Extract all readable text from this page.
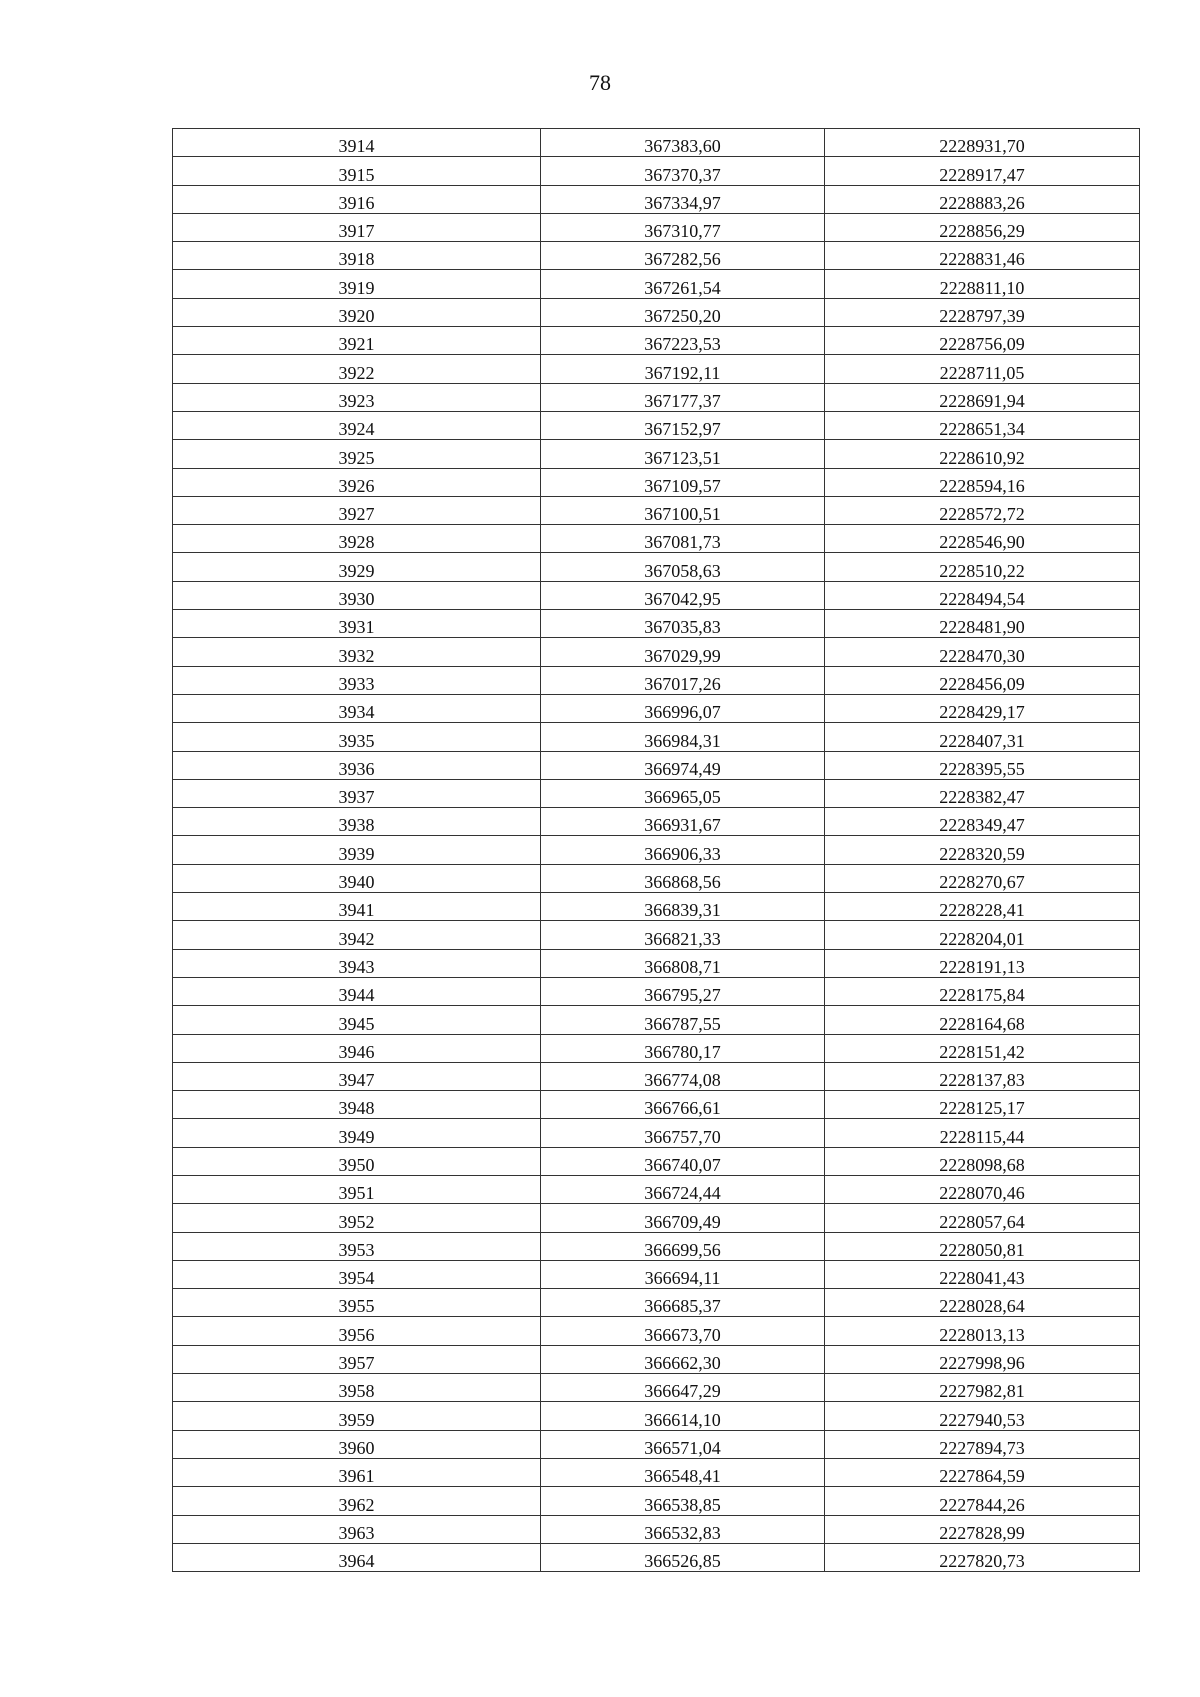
78
3914	367383,60	2228931,70
3915	367370,37	2228917,47
3916	367334,97	2228883,26
3917	367310,77	2228856,29
3918	367282,56	2228831,46
3919	367261,54	2228811,10
3920	367250,20	2228797,39
3921	367223,53	2228756,09
3922	367192,11	2228711,05
3923	367177,37	2228691,94
3924	367152,97	2228651,34
3925	367123,51	2228610,92
3926	367109,57	2228594,16
3927	367100,51	2228572,72
3928	367081,73	2228546,90
3929	367058,63	2228510,22
3930	367042,95	2228494,54
3931	367035,83	2228481,90
3932	367029,99	2228470,30
3933	367017,26	2228456,09
3934	366996,07	2228429,17
3935	366984,31	2228407,31
3936	366974,49	2228395,55
3937	366965,05	2228382,47
3938	366931,67	2228349,47
3939	366906,33	2228320,59
3940	366868,56	2228270,67
3941	366839,31	2228228,41
3942	366821,33	2228204,01
3943	366808,71	2228191,13
3944	366795,27	2228175,84
3945	366787,55	2228164,68
3946	366780,17	2228151,42
3947	366774,08	2228137,83
3948	366766,61	2228125,17
3949	366757,70	2228115,44
3950	366740,07	2228098,68
3951	366724,44	2228070,46
3952	366709,49	2228057,64
3953	366699,56	2228050,81
3954	366694,11	2228041,43
3955	366685,37	2228028,64
3956	366673,70	2228013,13
3957	366662,30	2227998,96
3958	366647,29	2227982,81
3959	366614,10	2227940,53
3960	366571,04	2227894,73
3961	366548,41	2227864,59
3962	366538,85	2227844,26
3963	366532,83	2227828,99
3964	366526,85	2227820,73
